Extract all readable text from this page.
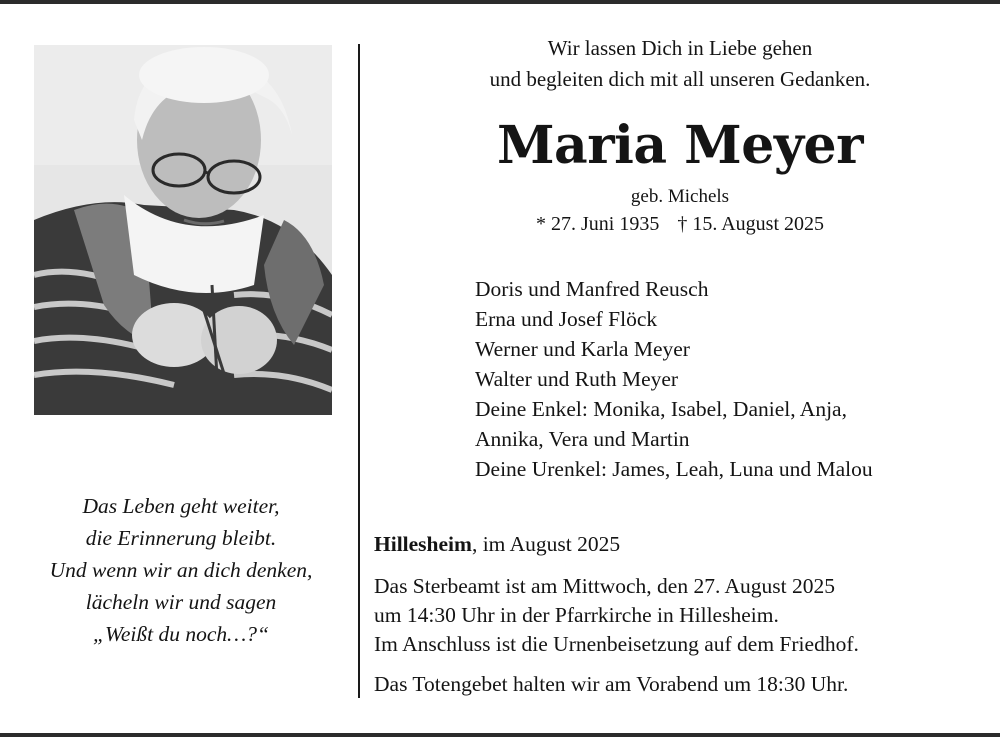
Das Leben geht weiter,
die Erinnerung bleibt.
Und wenn wir an dich denken,
lächeln wir und sagen
„Weißt du noch…?“
Wir lassen Dich in Liebe gehen
und begleiten dich mit all unseren Gedanken.
Maria Meyer
geb. Michels
* 27. Juni 1935 † 15. August 2025
Doris und Manfred Reusch
Erna und Josef Flöck
Werner und Karla Meyer
Walter und Ruth Meyer
Deine Enkel: Monika, Isabel, Daniel, Anja,
Annika, Vera und Martin
Deine Urenkel: James, Leah, Luna und Malou
Hillesheim, im August 2025
Das Sterbeamt ist am Mittwoch, den 27. August 2025
um 14:30 Uhr in der Pfarrkirche in Hillesheim.
Im Anschluss ist die Urnenbeisetzung auf dem Friedhof.
Das Totengebet halten wir am Vorabend um 18:30 Uhr.
